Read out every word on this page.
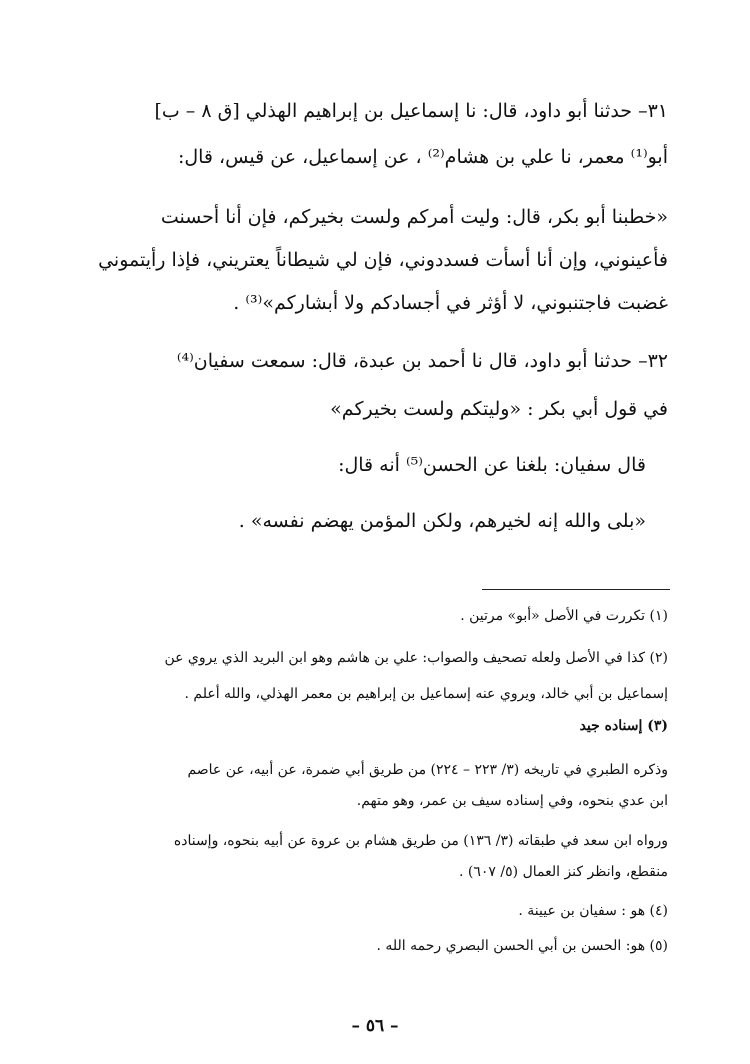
٣١– حدثنا أبو داود، قال: نا إسماعيل بن إبراهيم الهذلي [ق ٨ – ب]
أبو⁽¹⁾ معمر، نا علي بن هشام⁽²⁾ ، عن إسماعيل، عن قيس، قال:
«خطبنا أبو بكر، قال: وليت أمركم ولست بخيركم، فإن أنا أحسنت
فأعينوني، وإن أنا أسأت فسددوني، فإن لي شيطاناً يعتريني، فإذا رأيتموني
غضبت فاجتنبوني، لا أؤثر في أجسادكم ولا أبشاركم»⁽³⁾ .
٣٢– حدثنا أبو داود، قال نا أحمد بن عبدة، قال: سمعت سفيان⁽⁴⁾
في قول أبي بكر : «وليتكم ولست بخيركم»
قال سفيان: بلغنا عن الحسن⁽⁵⁾ أنه قال:
«بلى والله إنه لخيرهم، ولكن المؤمن يهضم نفسه» .
(١) تكررت في الأصل «أبو» مرتين .
(٢) كذا في الأصل ولعله تصحيف والصواب: علي بن هاشم وهو ابن البريد الذي يروي عن
إسماعيل بن أبي خالد، ويروي عنه إسماعيل بن إبراهيم بن معمر الهذلي، والله أعلم .
(٣) إسناده جيد
وذكره الطبري في تاريخه (٣/ ٢٢٣ – ٢٢٤) من طريق أبي ضمرة، عن أبيه، عن عاصم
ابن عدي بنحوه، وفي إسناده سيف بن عمر، وهو متهم.
ورواه ابن سعد في طبقاته (٣/ ١٣٦) من طريق هشام بن عروة عن أبيه بنحوه، وإسناده
منقطع، وانظر كنز العمال (٥/ ٦٠٧) .
(٤) هو : سفيان بن عيينة .
(٥) هو: الحسن بن أبي الحسن البصري رحمه الله .
– ٥٦ –
